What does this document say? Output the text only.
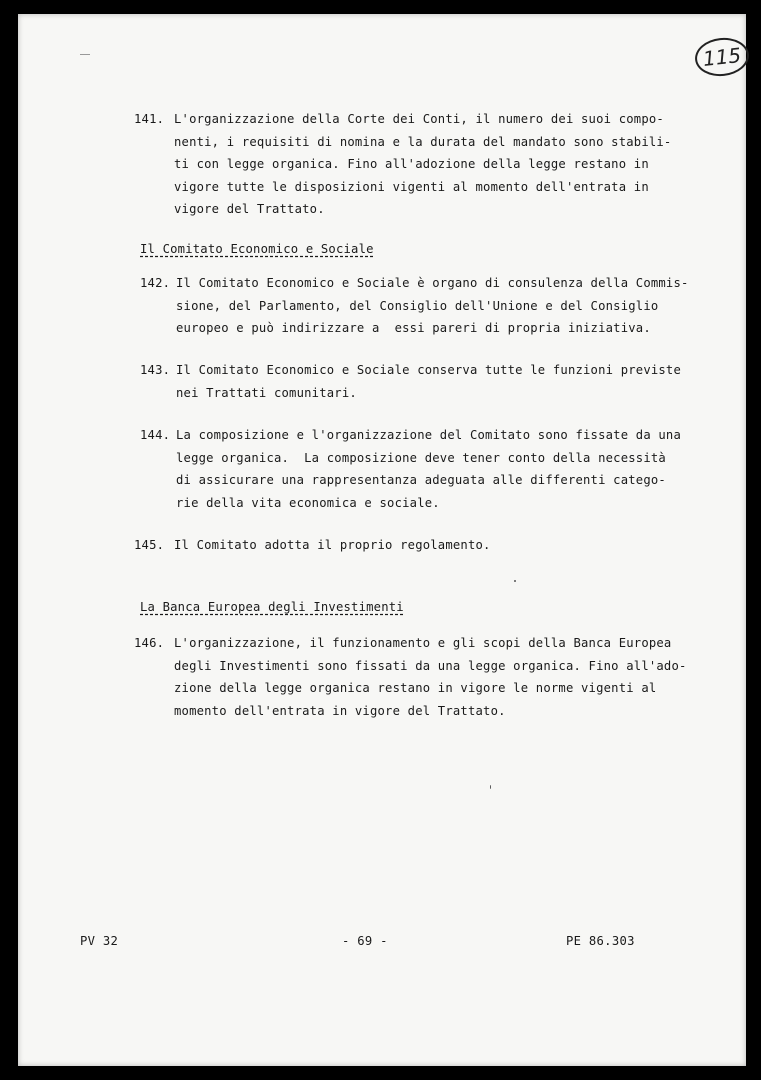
115
141. L'organizzazione della Corte dei Conti, il numero dei suoi compo-
nenti, i requisiti di nomina e la durata del mandato sono stabili-
ti con legge organica. Fino all'adozione della legge restano in
vigore tutte le disposizioni vigenti al momento dell'entrata in
vigore del Trattato.
Il Comitato Economico e Sociale
142. Il Comitato Economico e Sociale è organo di consulenza della Commis-
sione, del Parlamento, del Consiglio dell'Unione e del Consiglio
europeo e può indirizzare a  essi pareri di propria iniziativa.
143. Il Comitato Economico e Sociale conserva tutte le funzioni previste
nei Trattati comunitari.
144. La composizione e l'organizzazione del Comitato sono fissate da una
legge organica.  La composizione deve tener conto della necessità
di assicurare una rappresentanza adeguata alle differenti catego-
rie della vita economica e sociale.
145. Il Comitato adotta il proprio regolamento.
La Banca Europea degli Investimenti
146. L'organizzazione, il funzionamento e gli scopi della Banca Europea
degli Investimenti sono fissati da una legge organica. Fino all'ado-
zione della legge organica restano in vigore le norme vigenti al
momento dell'entrata in vigore del Trattato.
PV 32	- 69 -	PE 86.303
